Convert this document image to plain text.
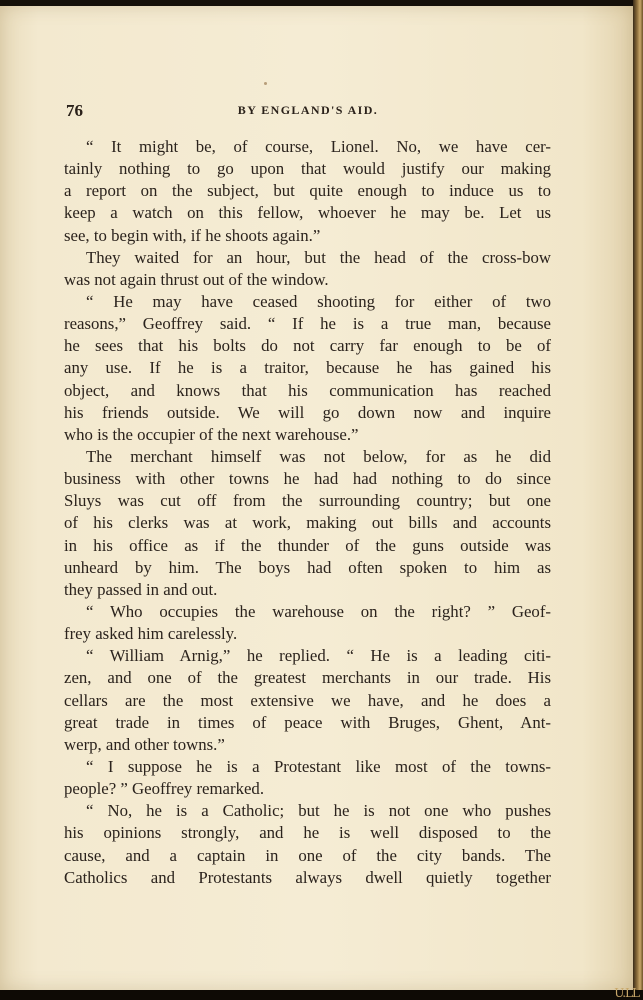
76	BY ENGLAND'S AID.
“ It might be, of course, Lionel. No, we have cer-
tainly nothing to go upon that would justify our making
a report on the subject, but quite enough to induce us to
keep a watch on this fellow, whoever he may be. Let us
see, to begin with, if he shoots again.”
They waited for an hour, but the head of the cross-bow
was not again thrust out of the window.
“ He may have ceased shooting for either of two
reasons,” Geoffrey said. “ If he is a true man, because
he sees that his bolts do not carry far enough to be of
any use. If he is a traitor, because he has gained his
object, and knows that his communication has reached
his friends outside. We will go down now and inquire
who is the occupier of the next warehouse.”
The merchant himself was not below, for as he did
business with other towns he had had nothing to do since
Sluys was cut off from the surrounding country; but one
of his clerks was at work, making out bills and accounts
in his office as if the thunder of the guns outside was
unheard by him. The boys had often spoken to him as
they passed in and out.
“ Who occupies the warehouse on the right? ” Geof-
frey asked him carelessly.
“ William Arnig,” he replied. “ He is a leading citi-
zen, and one of the greatest merchants in our trade. His
cellars are the most extensive we have, and he does a
great trade in times of peace with Bruges, Ghent, Ant-
werp, and other towns.”
“ I suppose he is a Protestant like most of the towns-
people? ” Geoffrey remarked.
“ No, he is a Catholic; but he is not one who pushes
his opinions strongly, and he is well disposed to the
cause, and a captain in one of the city bands. The
Catholics and Protestants always dwell quietly together
U.LL
